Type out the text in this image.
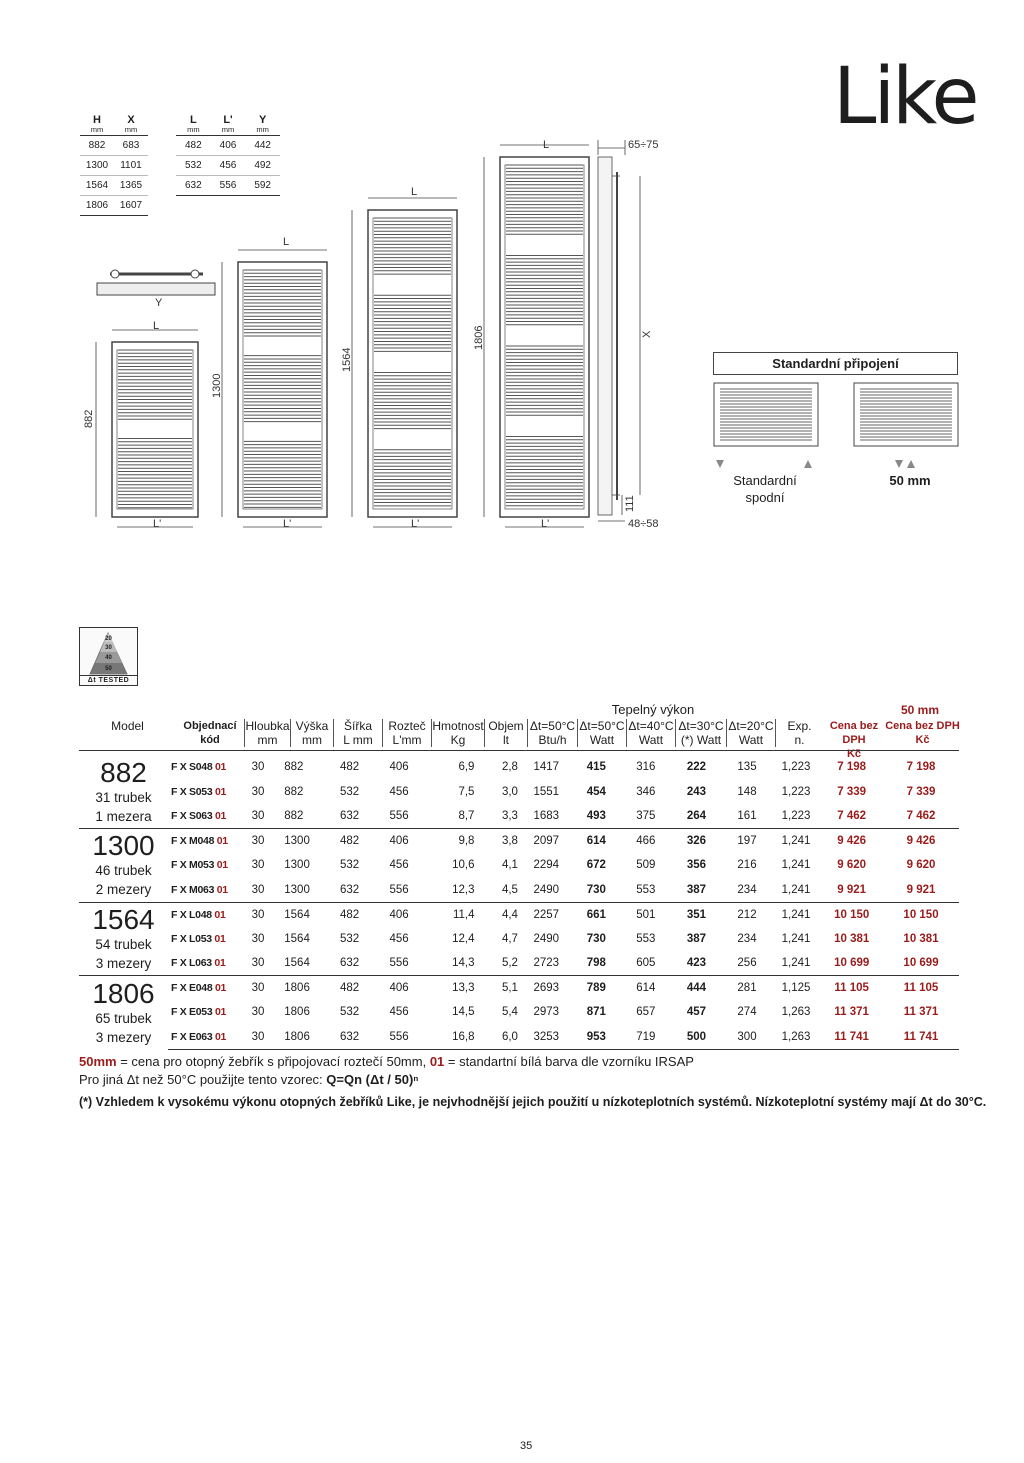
Like
H	X
mm	mm
882	683
1300	1101
1564	1365
1806	1607
L	L'	Y
mm	mm	mm
482	406	442
532	456	492
632	556	592
Y
L
L
L
L
L'	L'	L'	L'
65÷75
48÷58
882
1300
1564
1806	X
111
Standardní připojení
Standardní
spodní
50 mm
20
30
40
50
Δt TESTED
Tepelný výkon	50 mm
Model	Objednací kód
Hloubka
mm
Výška
mm
Šířka
L mm
Rozteč
L'mm
Hmotnost
Kg
Objem
lt
Δt=50°C
Btu/h
Δt=50°C
Watt
Δt=40°C
Watt
Δt=30°C
(*) Watt
Δt=20°C
Watt
Exp.
n.
Cena bez DPH
Kč
Cena bez DPH
Kč
882
31 trubek
1 mezera	F X S048 01	30	882	482	406	6,9	2,8	1417	415	316	222	135	1,223	7 198	7 198
	F X S053 01	30	882	532	456	7,5	3,0	1551	454	346	243	148	1,223	7 339	7 339
	F X S063 01	30	882	632	556	8,7	3,3	1683	493	375	264	161	1,223	7 462	7 462

1300
46 trubek
2 mezery	F X M048 01	30	1300	482	406	9,8	3,8	2097	614	466	326	197	1,241	9 426	9 426
	F X M053 01	30	1300	532	456	10,6	4,1	2294	672	509	356	216	1,241	9 620	9 620
	F X M063 01	30	1300	632	556	12,3	4,5	2490	730	553	387	234	1,241	9 921	9 921

1564
54 trubek
3 mezery	F X L048 01	30	1564	482	406	11,4	4,4	2257	661	501	351	212	1,241	10 150	10 150
	F X L053 01	30	1564	532	456	12,4	4,7	2490	730	553	387	234	1,241	10 381	10 381
	F X L063 01	30	1564	632	556	14,3	5,2	2723	798	605	423	256	1,241	10 699	10 699

1806
65 trubek
3 mezery	F X E048 01	30	1806	482	406	13,3	5,1	2693	789	614	444	281	1,125	11 105	11 105
	F X E053 01	30	1806	532	456	14,5	5,4	2973	871	657	457	274	1,263	11 371	11 371
	F X E063 01	30	1806	632	556	16,8	6,0	3253	953	719	500	300	1,263	11 741	11 741
50mm = cena pro otopný žebřík s připojovací roztečí 50mm, 01 = standartní bílá barva dle vzorníku IRSAP
Pro jiná Δt než 50°C použijte tento vzorec: Q=Qn (Δt / 50)ⁿ
(*) Vzhledem k vysokému výkonu otopných žebříků Like, je nejvhodnější jejich použití u nízkoteplotních systémů. Nízkoteplotní systémy mají Δt do 30°C.
35
